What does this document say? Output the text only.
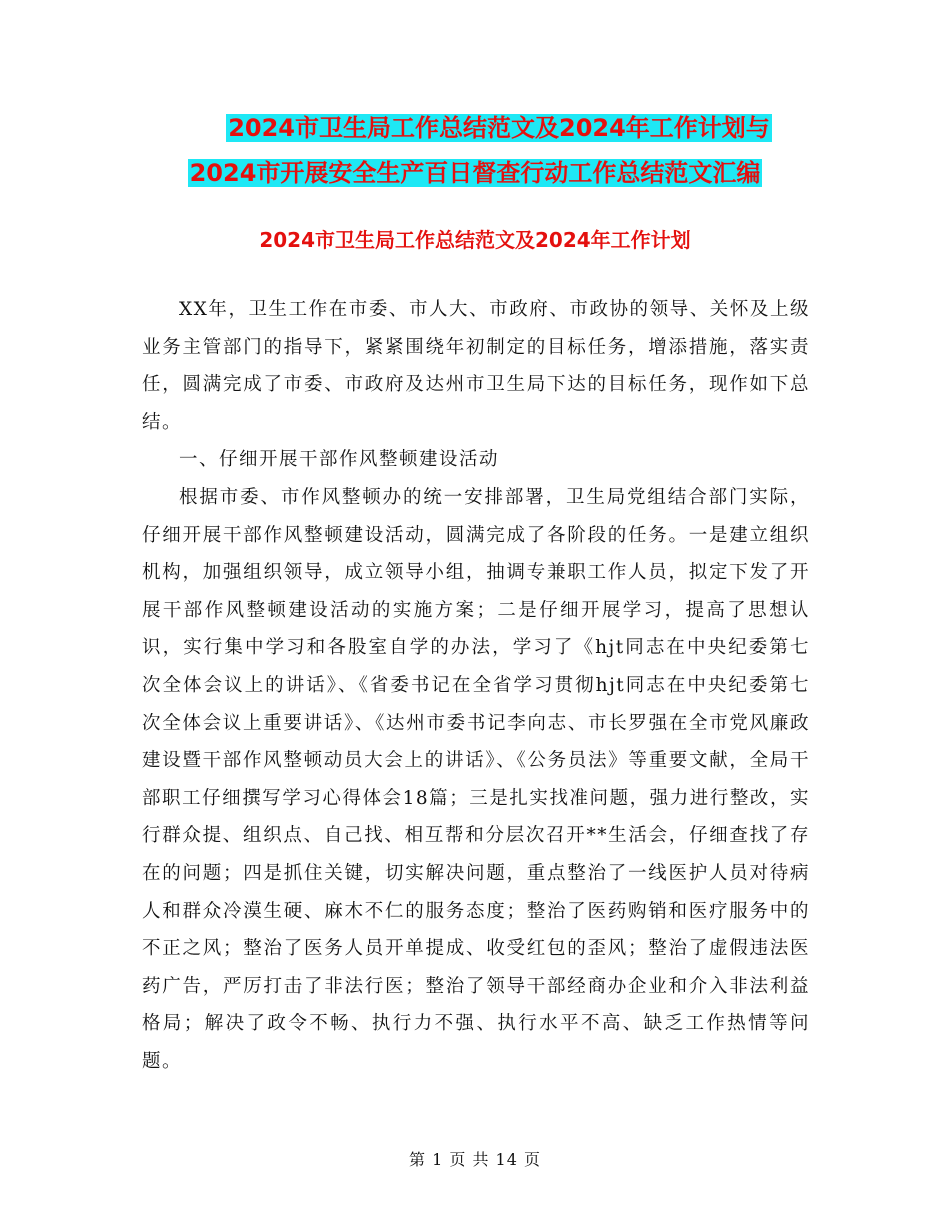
2024市卫生局工作总结范文及2024年工作计划与
2024市开展安全生产百日督查行动工作总结范文汇编
2024市卫生局工作总结范文及2024年工作计划

XX年，卫生工作在市委、市人大、市政府、市政协的领导、关怀及上级业务主管部门的指导下，紧紧围绕年初制定的目标任务，增添措施，落实责任，圆满完成了市委、市政府及达州市卫生局下达的目标任务，现作如下总结。

一、仔细开展干部作风整顿建设活动

根据市委、市作风整顿办的统一安排部署，卫生局党组结合部门实际，仔细开展干部作风整顿建设活动，圆满完成了各阶段的任务。一是建立组织机构，加强组织领导，成立领导小组，抽调专兼职工作人员，拟定下发了开展干部作风整顿建设活动的实施方案；二是仔细开展学习，提高了思想认识，实行集中学习和各股室自学的办法，学习了《hjt同志在中央纪委第七次全体会议上的讲话》、《省委书记在全省学习贯彻hjt同志在中央纪委第七次全体会议上重要讲话》、《达州市委书记李向志、市长罗强在全市党风廉政建设暨干部作风整顿动员大会上的讲话》、《公务员法》等重要文献，全局干部职工仔细撰写学习心得体会18篇；三是扎实找准问题，强力进行整改，实行群众提、组织点、自己找、相互帮和分层次召开**生活会，仔细查找了存在的问题；四是抓住关键，切实解决问题，重点整治了一线医护人员对待病人和群众冷漠生硬、麻木不仁的服务态度；整治了医药购销和医疗服务中的不正之风；整治了医务人员开单提成、收受红包的歪风；整治了虚假违法医药广告，严厉打击了非法行医；整治了领导干部经商办企业和介入非法利益格局；解决了政令不畅、执行力不强、执行水平不高、缺乏工作热情等问题。

第 1 页 共 14 页
